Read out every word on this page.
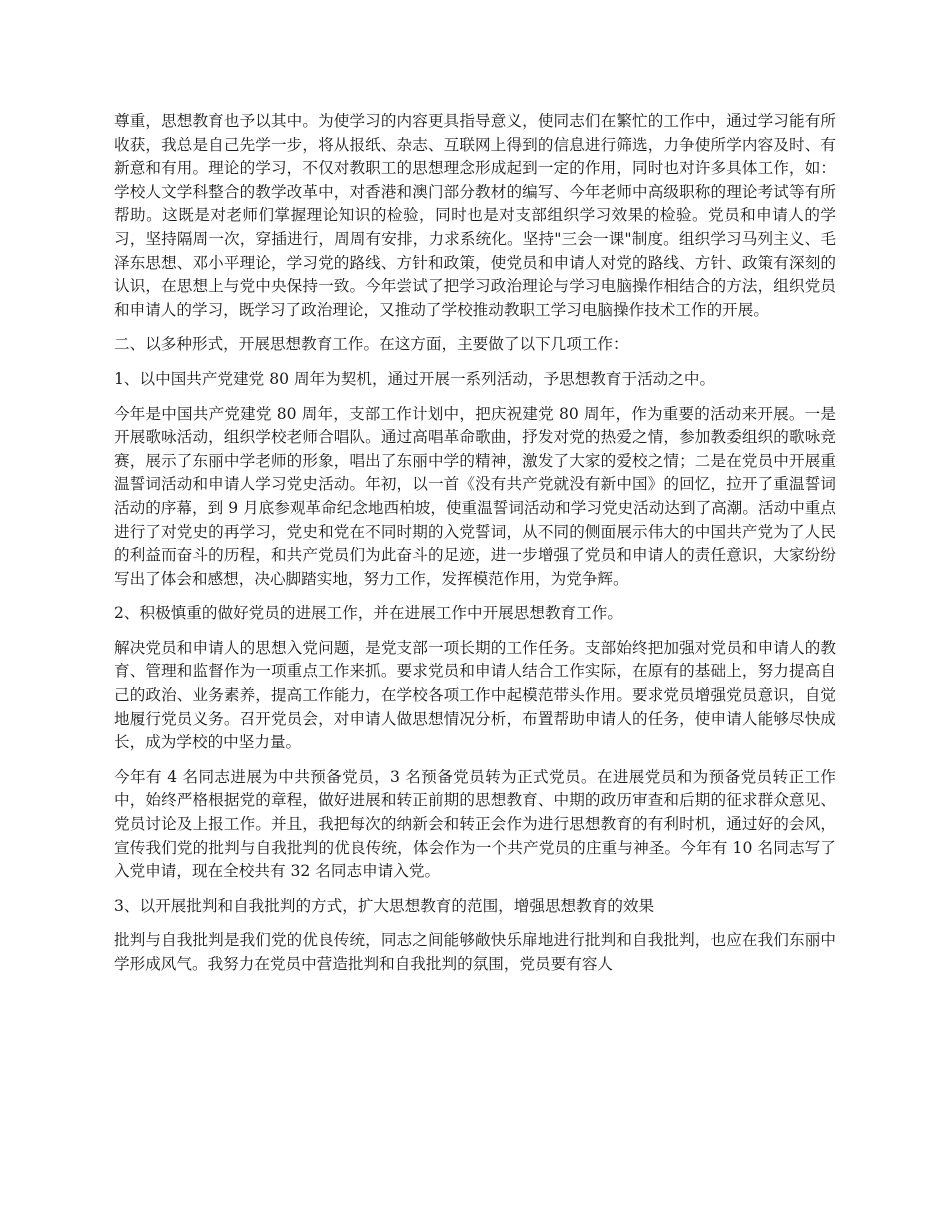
尊重，思想教育也予以其中。为使学习的内容更具指导意义，使同志们在繁忙的工作中，通过学习能有所收获，我总是自己先学一步，将从报纸、杂志、互联网上得到的信息进行筛选，力争使所学内容及时、有新意和有用。理论的学习，不仅对教职工的思想理念形成起到一定的作用，同时也对许多具体工作，如：学校人文学科整合的教学改革中，对香港和澳门部分教材的编写、今年老师中高级职称的理论考试等有所帮助。这既是对老师们掌握理论知识的检验，同时也是对支部组织学习效果的检验。党员和申请人的学习，坚持隔周一次，穿插进行，周周有安排，力求系统化。坚持"三会一课"制度。组织学习马列主义、毛泽东思想、邓小平理论，学习党的路线、方针和政策，使党员和申请人对党的路线、方针、政策有深刻的认识，在思想上与党中央保持一致。今年尝试了把学习政治理论与学习电脑操作相结合的方法，组织党员和申请人的学习，既学习了政治理论，又推动了学校推动教职工学习电脑操作技术工作的开展。

二、以多种形式，开展思想教育工作。在这方面，主要做了以下几项工作：

1、以中国共产党建党 80 周年为契机，通过开展一系列活动，予思想教育于活动之中。

今年是中国共产党建党 80 周年，支部工作计划中，把庆祝建党 80 周年，作为重要的活动来开展。一是开展歌咏活动，组织学校老师合唱队。通过高唱革命歌曲，抒发对党的热爱之情，参加教委组织的歌咏竞赛，展示了东丽中学老师的形象，唱出了东丽中学的精神，激发了大家的爱校之情；二是在党员中开展重温誓词活动和申请人学习党史活动。年初，以一首《没有共产党就没有新中国》的回忆，拉开了重温誓词活动的序幕，到 9 月底参观革命纪念地西柏坡，使重温誓词活动和学习党史活动达到了高潮。活动中重点进行了对党史的再学习，党史和党在不同时期的入党誓词，从不同的侧面展示伟大的中国共产党为了人民的利益而奋斗的历程，和共产党员们为此奋斗的足迹，进一步增强了党员和申请人的责任意识，大家纷纷写出了体会和感想，决心脚踏实地，努力工作，发挥模范作用，为党争辉。

2、积极慎重的做好党员的进展工作，并在进展工作中开展思想教育工作。

解决党员和申请人的思想入党问题，是党支部一项长期的工作任务。支部始终把加强对党员和申请人的教育、管理和监督作为一项重点工作来抓。要求党员和申请人结合工作实际，在原有的基础上，努力提高自己的政治、业务素养，提高工作能力，在学校各项工作中起模范带头作用。要求党员增强党员意识，自觉地履行党员义务。召开党员会，对申请人做思想情况分析，布置帮助申请人的任务，使申请人能够尽快成长，成为学校的中坚力量。

今年有 4 名同志进展为中共预备党员，3 名预备党员转为正式党员。在进展党员和为预备党员转正工作中，始终严格根据党的章程，做好进展和转正前期的思想教育、中期的政历审查和后期的征求群众意见、党员讨论及上报工作。并且，我把每次的纳新会和转正会作为进行思想教育的有利时机，通过好的会风，宣传我们党的批判与自我批判的优良传统，体会作为一个共产党员的庄重与神圣。今年有 10 名同志写了入党申请，现在全校共有 32 名同志申请入党。

3、以开展批判和自我批判的方式，扩大思想教育的范围，增强思想教育的效果

批判与自我批判是我们党的优良传统，同志之间能够敞快乐扉地进行批判和自我批判，也应在我们东丽中学形成风气。我努力在党员中营造批判和自我批判的氛围，党员要有容人
